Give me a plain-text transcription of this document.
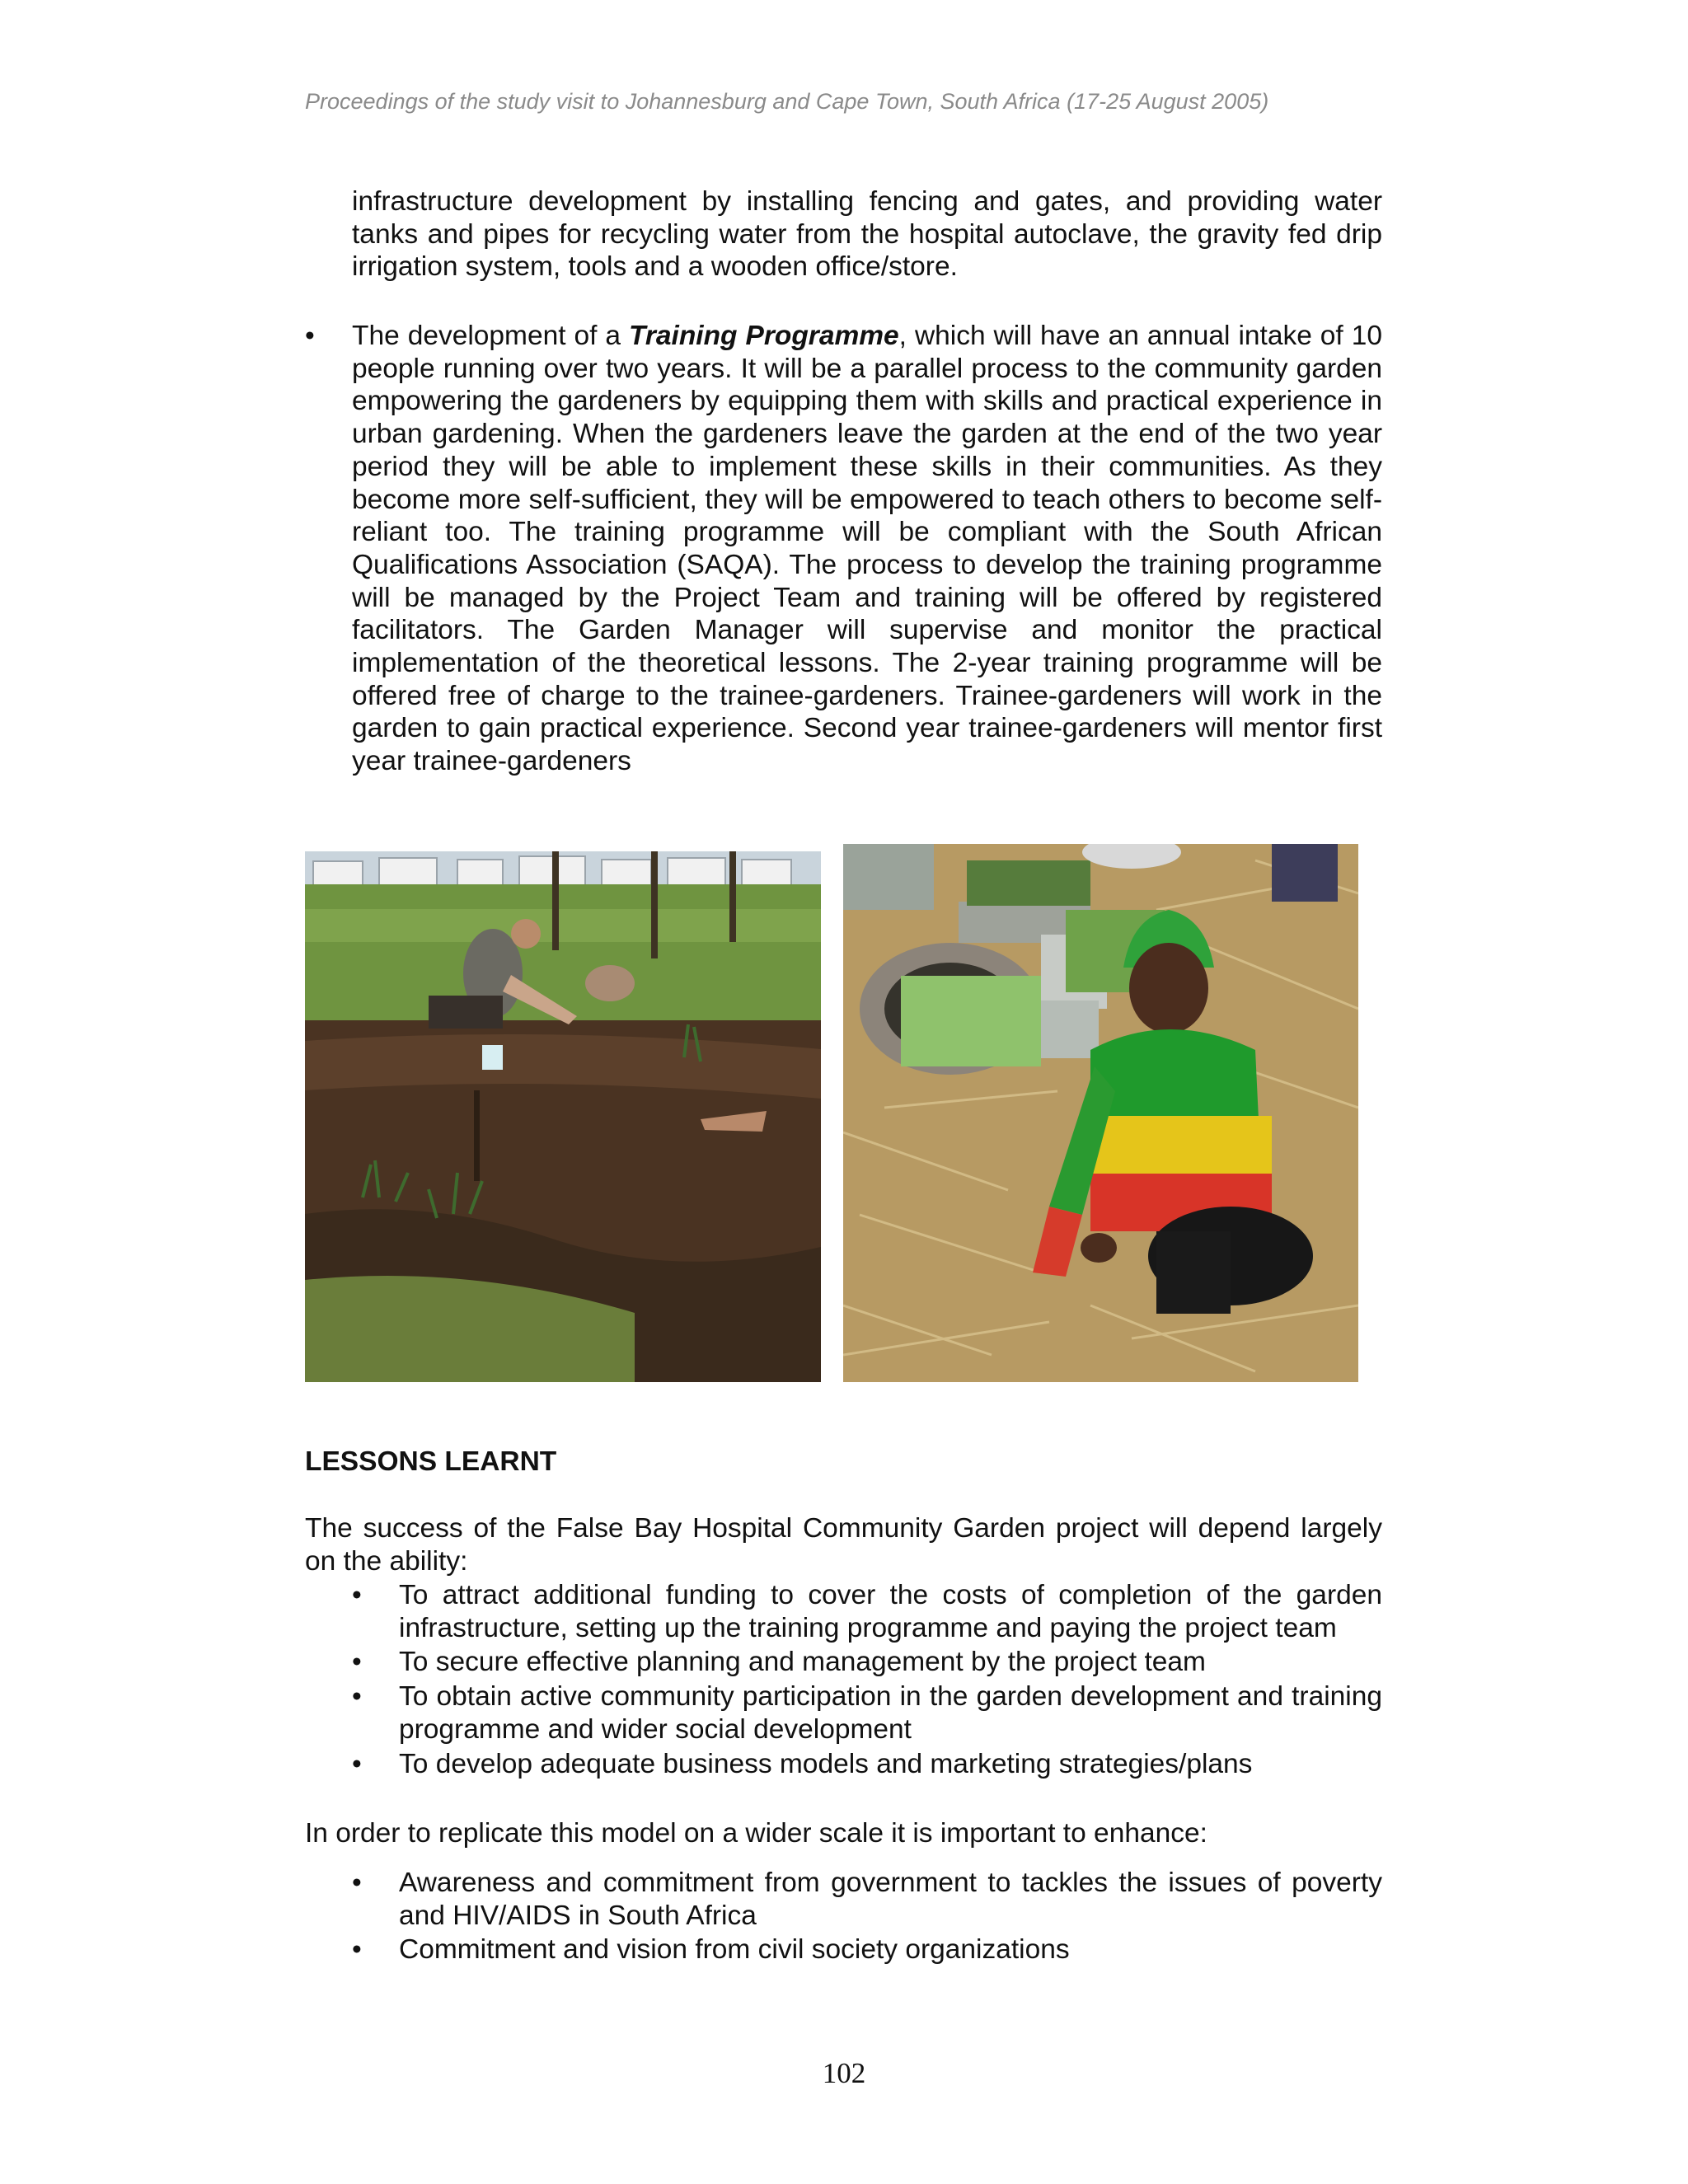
Proceedings of the study visit to Johannesburg and Cape Town, South Africa (17-25 August 2005)

infrastructure development by installing fencing and gates, and providing water tanks and pipes for recycling water from the hospital autoclave, the gravity fed drip irrigation system, tools and a wooden office/store.

•	The development of a Training Programme, which will have an annual intake of 10 people running over two years. It will be a parallel process to the community garden empowering the gardeners by equipping them with skills and practical experience in urban gardening. When the gardeners leave the garden at the end of the two year period they will be able to implement these skills in their communities. As they become more self-sufficient, they will be empowered to teach others to become self-reliant too. The training programme will be compliant with the South African Qualifications Association (SAQA). The process to develop the training programme will be managed by the Project Team and training will be offered by registered facilitators. The Garden Manager will supervise and monitor the practical implementation of the theoretical lessons. The 2-year training programme will be offered free of charge to the trainee-gardeners. Trainee-gardeners will work in the garden to gain practical experience. Second year trainee-gardeners will mentor first year trainee-gardeners
LESSONS LEARNT

The success of the False Bay Hospital Community Garden project will depend largely on the ability:

• To attract additional funding to cover the costs of completion of the garden infrastructure, setting up the training programme and paying the project team
• To secure effective planning and management by the project team
• To obtain active community participation in the garden development and training programme and wider social development
• To develop adequate business models and marketing strategies/plans

In order to replicate this model on a wider scale it is important to enhance:

• Awareness and commitment from government to tackles the issues of poverty and HIV/AIDS in South Africa
• Commitment and vision from civil society organizations
102
